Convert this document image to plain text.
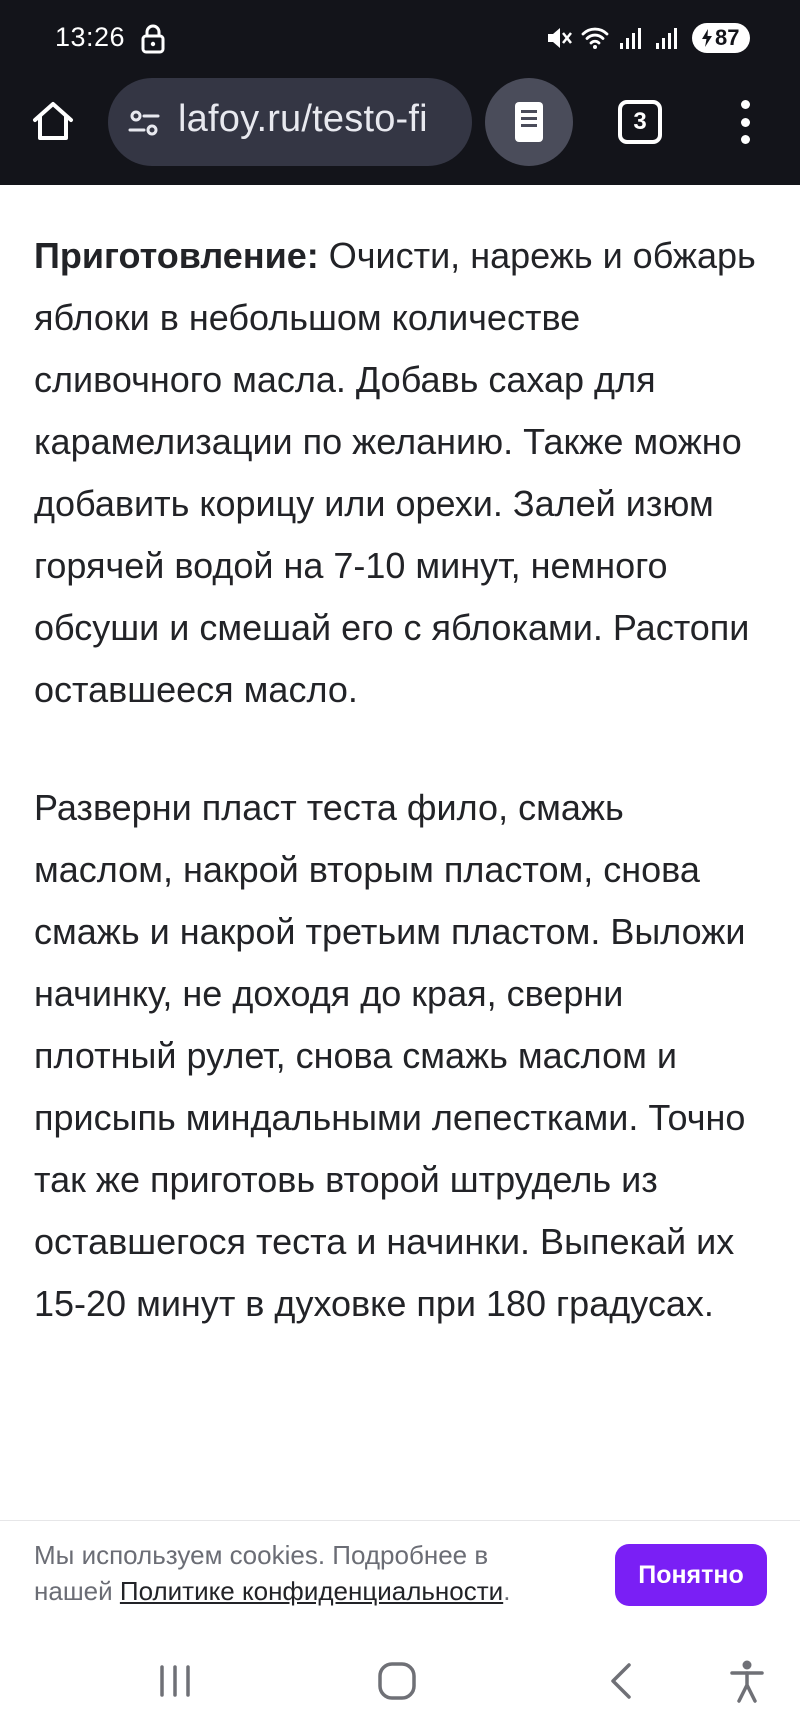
13:26	87
lafoy.ru/testo-fi	3

Приготовление: Очисти, нарежь и обжарь яблоки в небольшом количестве сливочного масла. Добавь сахар для карамелизации по желанию. Также можно добавить корицу или орехи. Залей изюм горячей водой на 7-10 минут, немного обсуши и смешай его с яблоками. Растопи оставшееся масло.

Разверни пласт теста фило, смажь маслом, накрой вторым пластом, снова смажь и накрой третьим пластом. Выложи начинку, не доходя до края, сверни плотный рулет, снова смажь маслом и присыпь миндальными лепестками. Точно так же приготовь второй штрудель из оставшегося теста и начинки. Выпекай их 15-20 минут в духовке при 180 градусах.

Мы используем cookies. Подробнее в нашей Политике конфиденциальности.
Понятно
